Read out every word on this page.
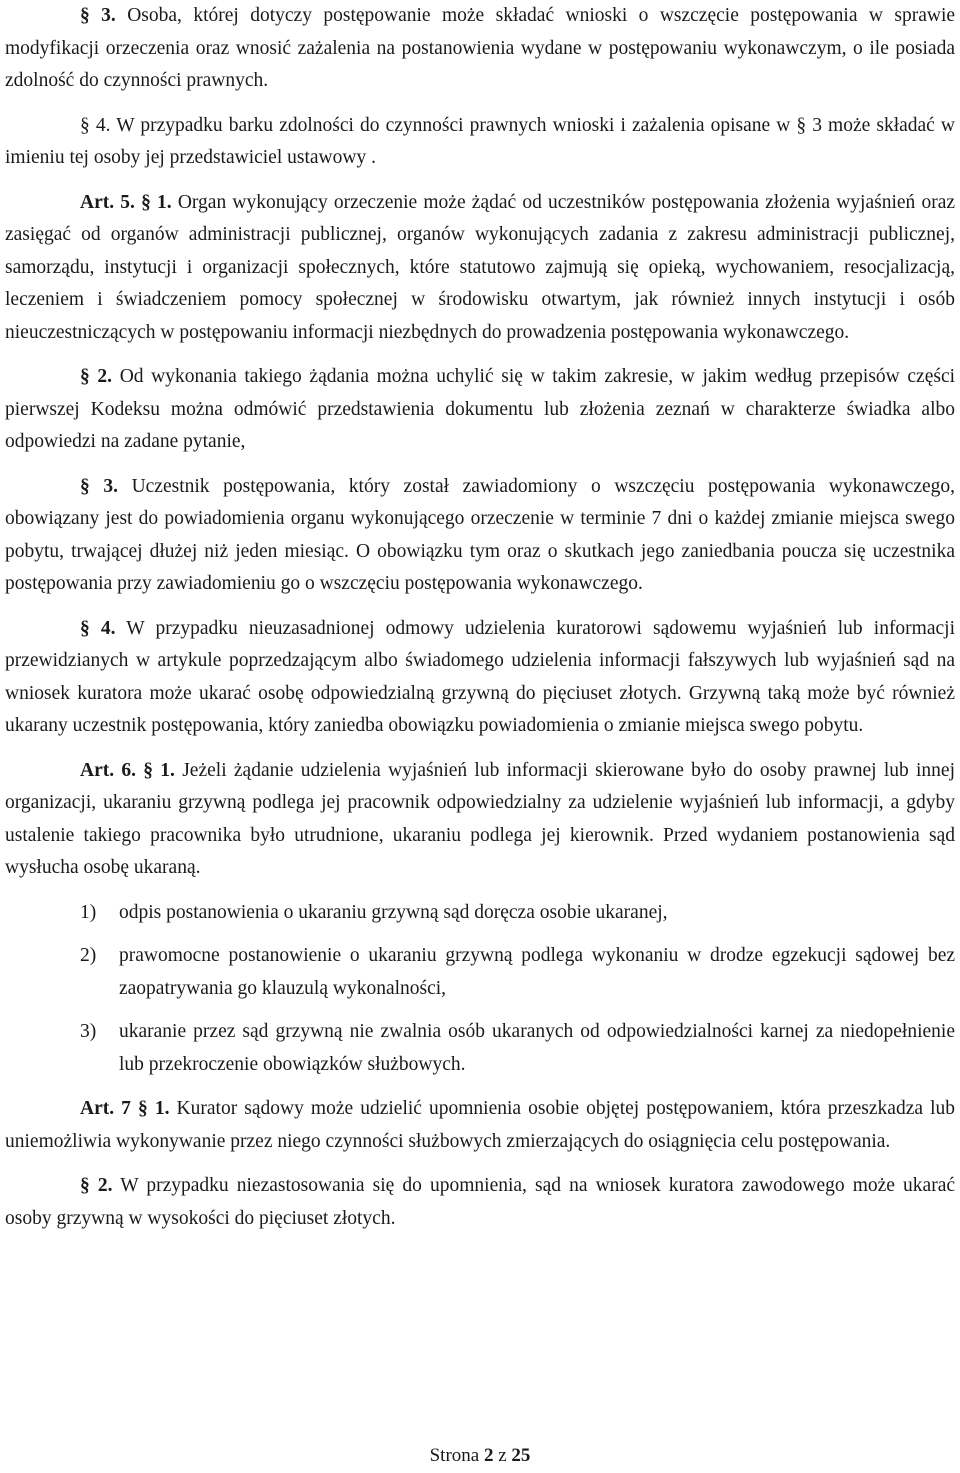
§ 3. Osoba, której dotyczy postępowanie może składać wnioski o wszczęcie postępowania w sprawie modyfikacji orzeczenia oraz wnosić zażalenia na postanowienia wydane w postępowaniu wykonawczym, o ile posiada zdolność do czynności prawnych.

§ 4. W przypadku barku zdolności do czynności prawnych wnioski i zażalenia opisane w § 3 może składać w imieniu tej osoby jej przedstawiciel ustawowy .

Art. 5. § 1. Organ wykonujący orzeczenie może żądać od uczestników postępowania złożenia wyjaśnień oraz zasięgać od organów administracji publicznej, organów wykonujących zadania z zakresu administracji publicznej, samorządu, instytucji i organizacji społecznych, które statutowo zajmują się opieką, wychowaniem, resocjalizacją, leczeniem i świadczeniem pomocy społecznej w środowisku otwartym, jak również innych instytucji i osób nieuczestniczących w postępowaniu informacji niezbędnych do prowadzenia postępowania wykonawczego.

§ 2. Od wykonania takiego żądania można uchylić się w takim zakresie, w jakim według przepisów części pierwszej Kodeksu można odmówić przedstawienia dokumentu lub złożenia zeznań w charakterze świadka albo odpowiedzi na zadane pytanie,

§ 3. Uczestnik postępowania, który został zawiadomiony o wszczęciu postępowania wykonawczego, obowiązany jest do powiadomienia organu wykonującego orzeczenie w terminie 7 dni o każdej zmianie miejsca swego pobytu, trwającej dłużej niż jeden miesiąc. O obowiązku tym oraz o skutkach jego zaniedbania poucza się uczestnika postępowania przy zawiadomieniu go o wszczęciu postępowania wykonawczego.

§ 4. W przypadku nieuzasadnionej odmowy udzielenia kuratorowi sądowemu wyjaśnień lub informacji przewidzianych w artykule poprzedzającym albo świadomego udzielenia informacji fałszywych lub wyjaśnień sąd na wniosek kuratora może ukarać osobę odpowiedzialną grzywną do pięciuset złotych. Grzywną taką może być również ukarany uczestnik postępowania, który zaniedba obowiązku powiadomienia o zmianie miejsca swego pobytu.

Art. 6. § 1. Jeżeli żądanie udzielenia wyjaśnień lub informacji skierowane było do osoby prawnej lub innej organizacji, ukaraniu grzywną podlega jej pracownik odpowiedzialny za udzielenie wyjaśnień lub informacji, a gdyby ustalenie takiego pracownika było utrudnione, ukaraniu podlega jej kierownik. Przed wydaniem postanowienia sąd wysłucha osobę ukaraną.

1)	odpis postanowienia o ukaraniu grzywną sąd doręcza osobie ukaranej,
2)	prawomocne postanowienie o ukaraniu grzywną podlega wykonaniu w drodze egzekucji sądowej bez zaopatrywania go klauzulą wykonalności,
3)	ukaranie przez sąd grzywną nie zwalnia osób ukaranych od odpowiedzialności karnej za niedopełnienie lub przekroczenie obowiązków służbowych.

Art. 7 § 1. Kurator sądowy może udzielić upomnienia osobie objętej postępowaniem, która przeszkadza lub uniemożliwia wykonywanie przez niego czynności służbowych zmierzających do osiągnięcia celu postępowania.

§ 2. W przypadku niezastosowania się do upomnienia, sąd na wniosek kuratora zawodowego może ukarać osoby grzywną w wysokości do pięciuset złotych.

Strona 2 z 25
